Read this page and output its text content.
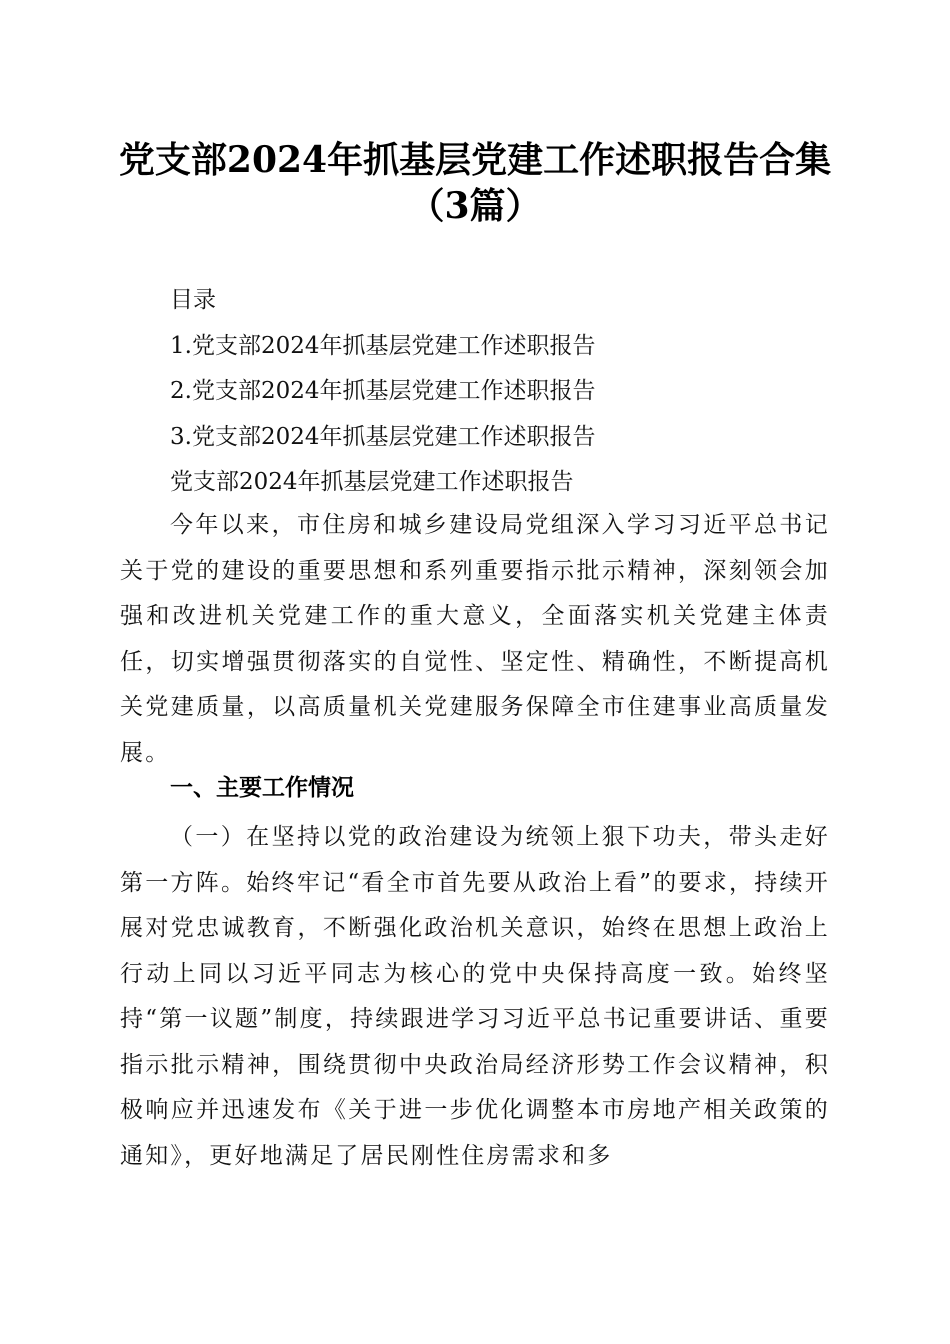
党支部2024年抓基层党建工作述职报告合集
（3篇）
目录
1.党支部2024年抓基层党建工作述职报告
2.党支部2024年抓基层党建工作述职报告
3.党支部2024年抓基层党建工作述职报告
党支部2024年抓基层党建工作述职报告

今年以来，市住房和城乡建设局党组深入学习习近平总书记关于党的建设的重要思想和系列重要指示批示精神，深刻领会加强和改进机关党建工作的重大意义，全面落实机关党建主体责任，切实增强贯彻落实的自觉性、坚定性、精确性，不断提高机关党建质量，以高质量机关党建服务保障全市住建事业高质量发展。

一、主要工作情况

（一）在坚持以党的政治建设为统领上狠下功夫，带头走好第一方阵。始终牢记“看全市首先要从政治上看”的要求，持续开展对党忠诚教育，不断强化政治机关意识，始终在思想上政治上行动上同以习近平同志为核心的党中央保持高度一致。始终坚持“第一议题”制度，持续跟进学习习近平总书记重要讲话、重要指示批示精神，围绕贯彻中央政治局经济形势工作会议精神，积极响应并迅速发布《关于进一步优化调整本市房地产相关政策的通知》，更好地满足了居民刚性住房需求和多
